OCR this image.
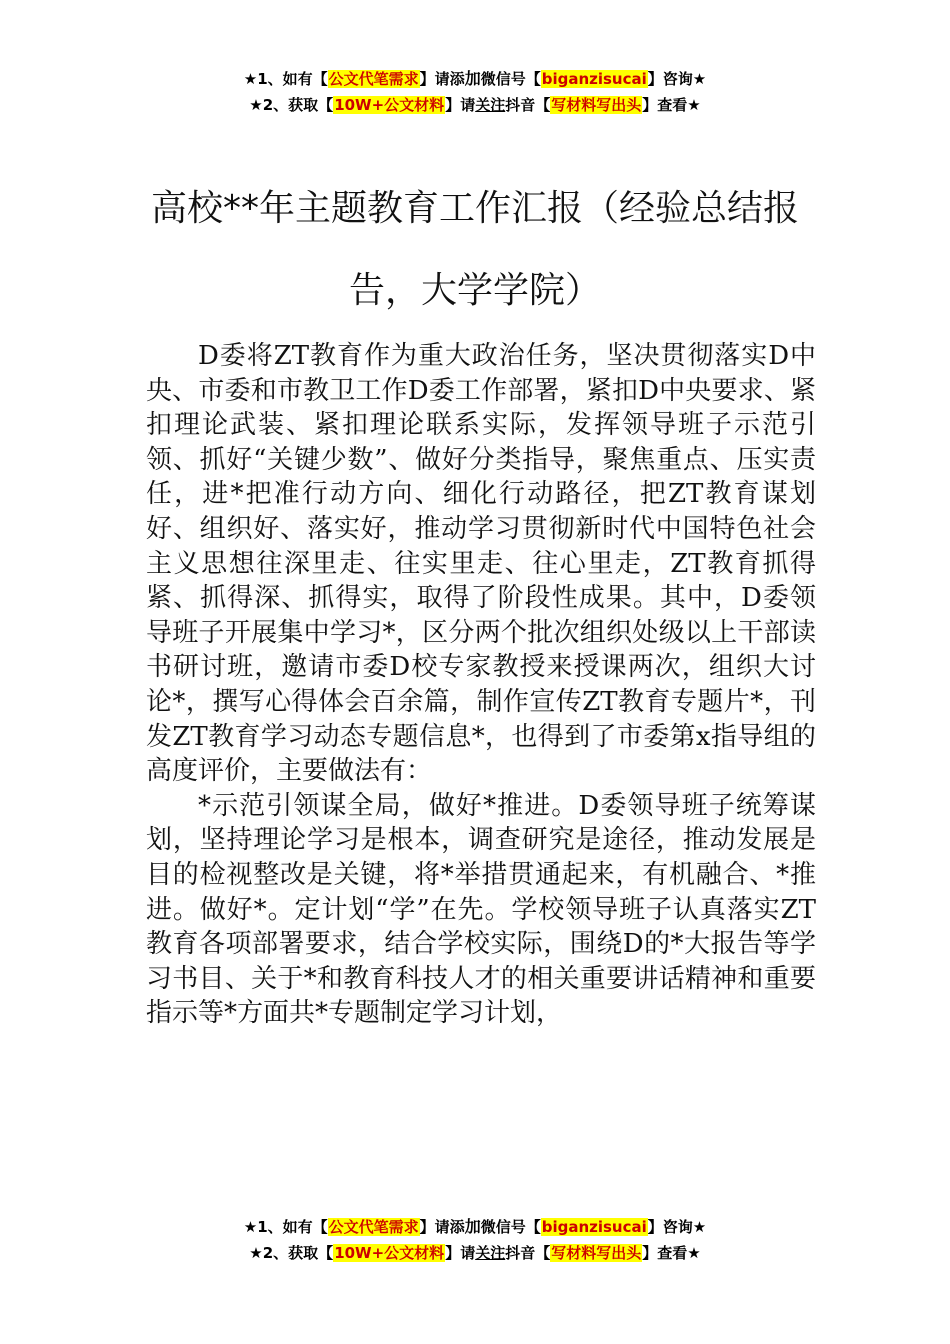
★1、如有【公文代笔需求】请添加微信号【biganzisucai】咨询★
★2、获取【10W+公文材料】请关注抖音【写材料写出头】查看★
高校**年主题教育工作汇报（经验总结报告，大学学院）

D委将ZT教育作为重大政治任务，坚决贯彻落实D中央、市委和市教卫工作D委工作部署，紧扣D中央要求、紧扣理论武装、紧扣理论联系实际，发挥领导班子示范引领、抓好“关键少数”、做好分类指导，聚焦重点、压实责任，进*把准行动方向、细化行动路径，把ZT教育谋划好、组织好、落实好，推动学习贯彻新时代中国特色社会主义思想往深里走、往实里走、往心里走，ZT教育抓得紧、抓得深、抓得实，取得了阶段性成果。其中，D委领导班子开展集中学习*，区分两个批次组织处级以上干部读书研讨班，邀请市委D校专家教授来授课两次，组织大讨论*，撰写心得体会百余篇，制作宣传ZT教育专题片*，刊发ZT教育学习动态专题信息*，也得到了市委第x指导组的高度评价，主要做法有：

*示范引领谋全局，做好*推进。D委领导班子统筹谋划，坚持理论学习是根本，调查研究是途径，推动发展是目的检视整改是关键，将*举措贯通起来，有机融合、*推进。做好*。定计划“学”在先。学校领导班子认真落实ZT教育各项部署要求，结合学校实际，围绕D的*大报告等学习书目、关于*和教育科技人才的相关重要讲话精神和重要指示等*方面共*专题制定学习计划，

★1、如有【公文代笔需求】请添加微信号【biganzisucai】咨询★
★2、获取【10W+公文材料】请关注抖音【写材料写出头】查看★
